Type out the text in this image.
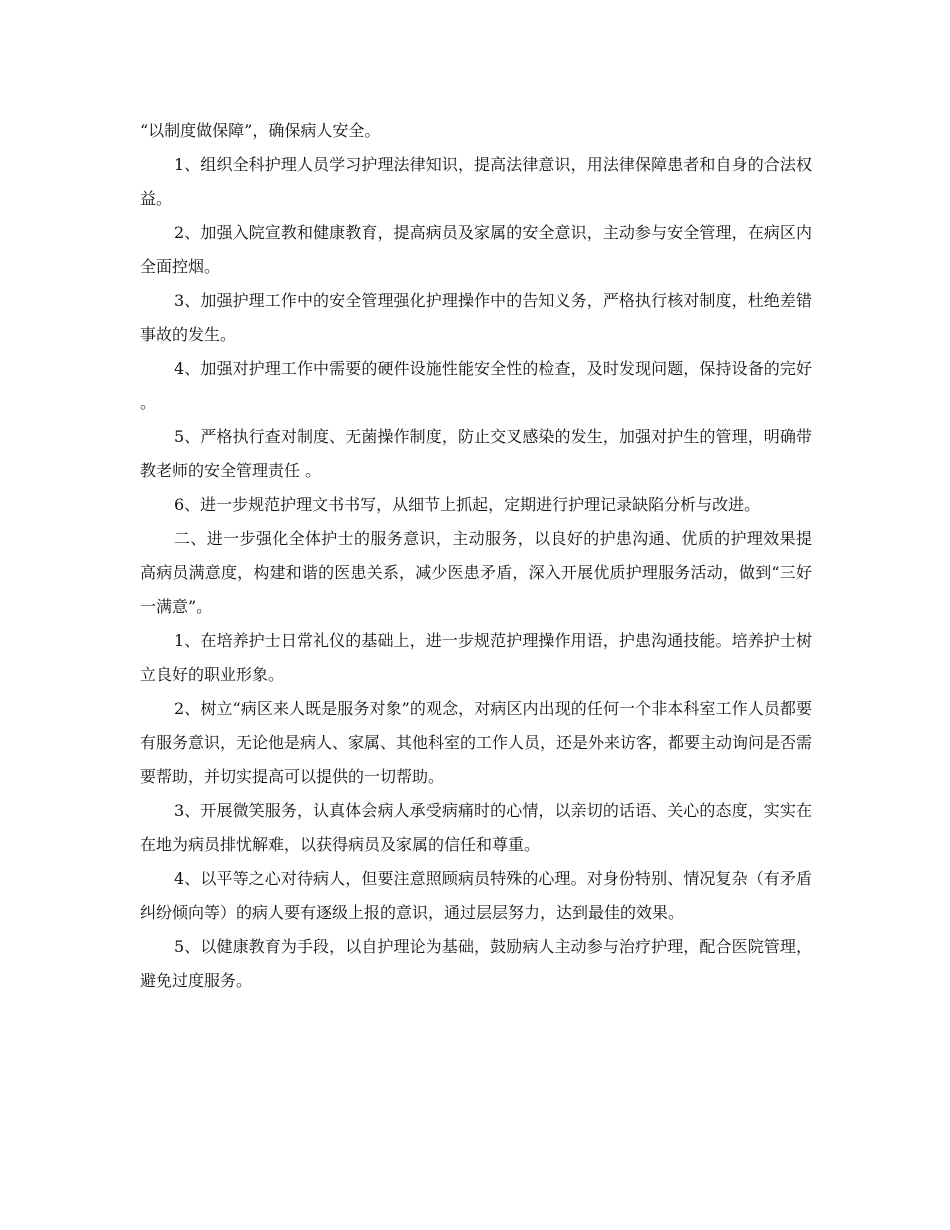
“以制度做保障”，确保病人安全。

1、组织全科护理人员学习护理法律知识，提高法律意识，用法律保障患者和自身的合法权益。

2、加强入院宣教和健康教育，提高病员及家属的安全意识，主动参与安全管理，在病区内全面控烟。

3、加强护理工作中的安全管理强化护理操作中的告知义务，严格执行核对制度，杜绝差错事故的发生。

4、加强对护理工作中需要的硬件设施性能安全性的检查，及时发现问题，保持设备的完好。

5、严格执行查对制度、无菌操作制度，防止交叉感染的发生，加强对护生的管理，明确带教老师的安全管理责任 。

6、进一步规范护理文书书写，从细节上抓起，定期进行护理记录缺陷分析与改进。

二、进一步强化全体护士的服务意识，主动服务，以良好的护患沟通、优质的护理效果提高病员满意度，构建和谐的医患关系，减少医患矛盾，深入开展优质护理服务活动，做到“三好一满意”。

1、在培养护士日常礼仪的基础上，进一步规范护理操作用语，护患沟通技能。培养护士树立良好的职业形象。

2、树立“病区来人既是服务对象”的观念，对病区内出现的任何一个非本科室工作人员都要有服务意识，无论他是病人、家属、其他科室的工作人员，还是外来访客，都要主动询问是否需要帮助，并切实提高可以提供的一切帮助。

3、开展微笑服务，认真体会病人承受病痛时的心情，以亲切的话语、关心的态度，实实在在地为病员排忧解难，以获得病员及家属的信任和尊重。

4、以平等之心对待病人，但要注意照顾病员特殊的心理。对身份特别、情况复杂（有矛盾纠纷倾向等）的病人要有逐级上报的意识，通过层层努力，达到最佳的效果。

5、以健康教育为手段，以自护理论为基础，鼓励病人主动参与治疗护理，配合医院管理，避免过度服务。
